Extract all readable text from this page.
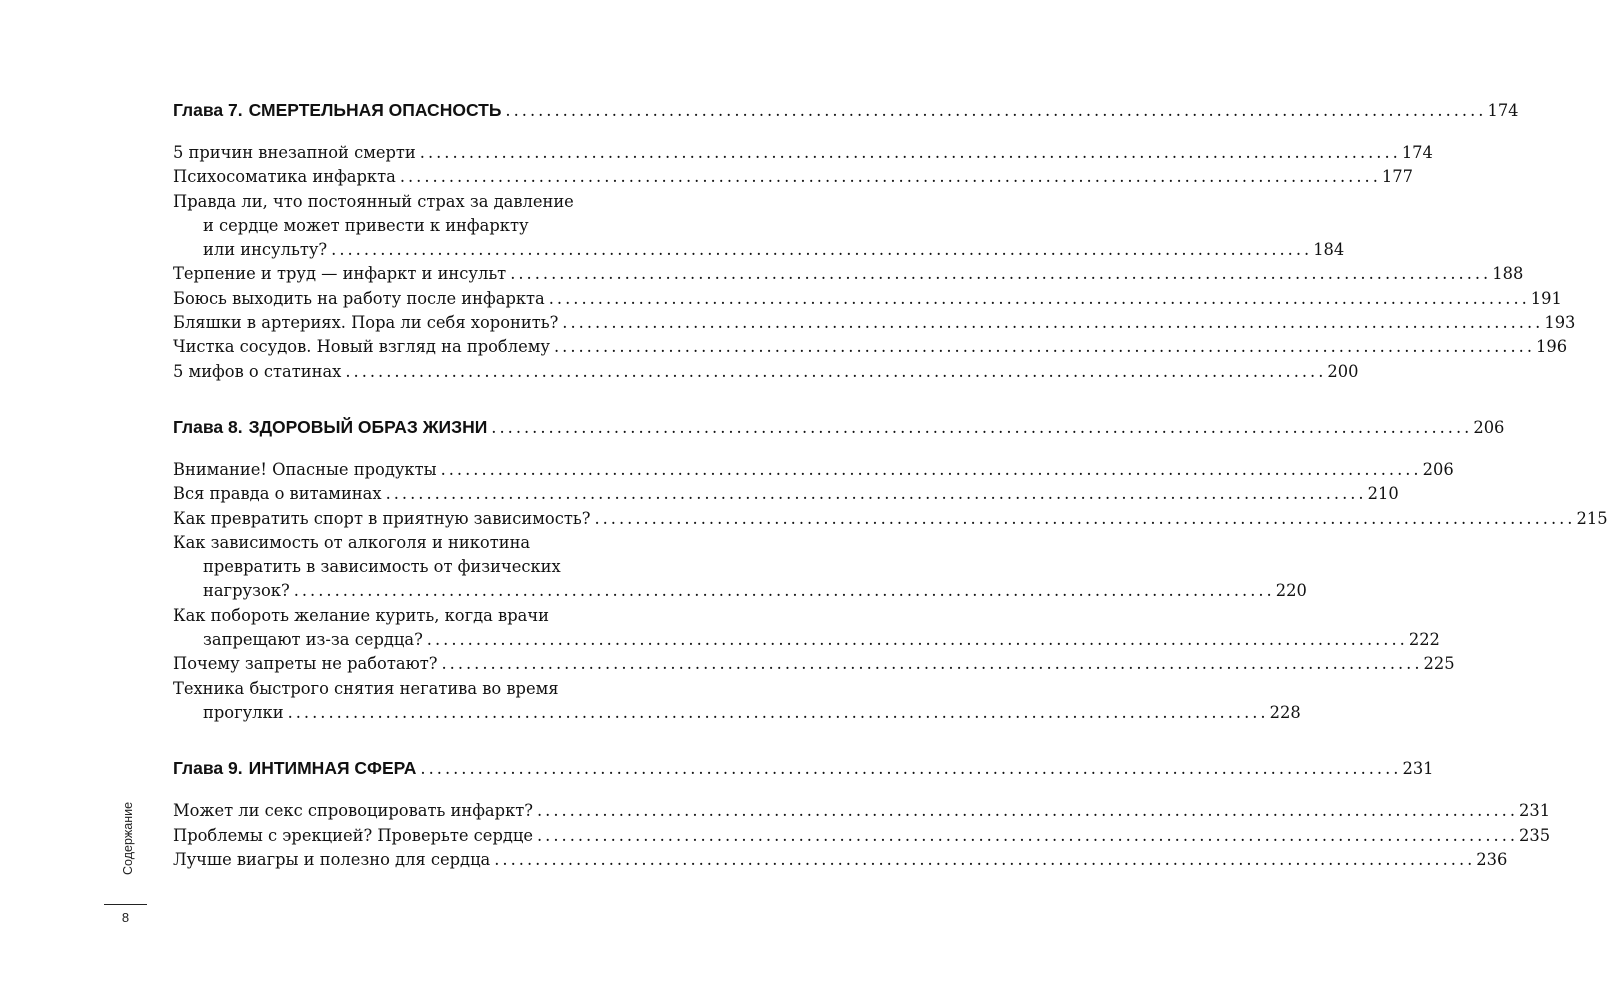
Глава 7. СМЕРТЕЛЬНАЯ ОПАСНОСТЬ .....	174
5 причин внезапной смерти .....	174
Психосоматика инфаркта .....	177
Правда ли, что постоянный страх за давление
и сердце может привести к инфаркту
или инсульту? .....	184
Терпение и труд — инфаркт и инсульт .....	188
Боюсь выходить на работу после инфаркта .....	191
Бляшки в артериях. Пора ли себя хоронить? .....	193
Чистка сосудов. Новый взгляд на проблему .....	196
5 мифов о статинах .....	200
Глава 8. ЗДОРОВЫЙ ОБРАЗ ЖИЗНИ .....	206
Внимание! Опасные продукты .....	206
Вся правда о витаминах .....	210
Как превратить спорт в приятную зависимость? .....	215
Как зависимость от алкоголя и никотина
превратить в зависимость от физических
нагрузок? .....	220
Как побороть желание курить, когда врачи
запрещают из-за сердца? .....	222
Почему запреты не работают? .....	225
Техника быстрого снятия негатива во время
прогулки .....	228
Глава 9. ИНТИМНАЯ СФЕРА .....	231
Может ли секс спровоцировать инфаркт? .....	231
Проблемы с эрекцией? Проверьте сердце .....	235
Лучше виагры и полезно для сердца .....	236
Содержание
8
